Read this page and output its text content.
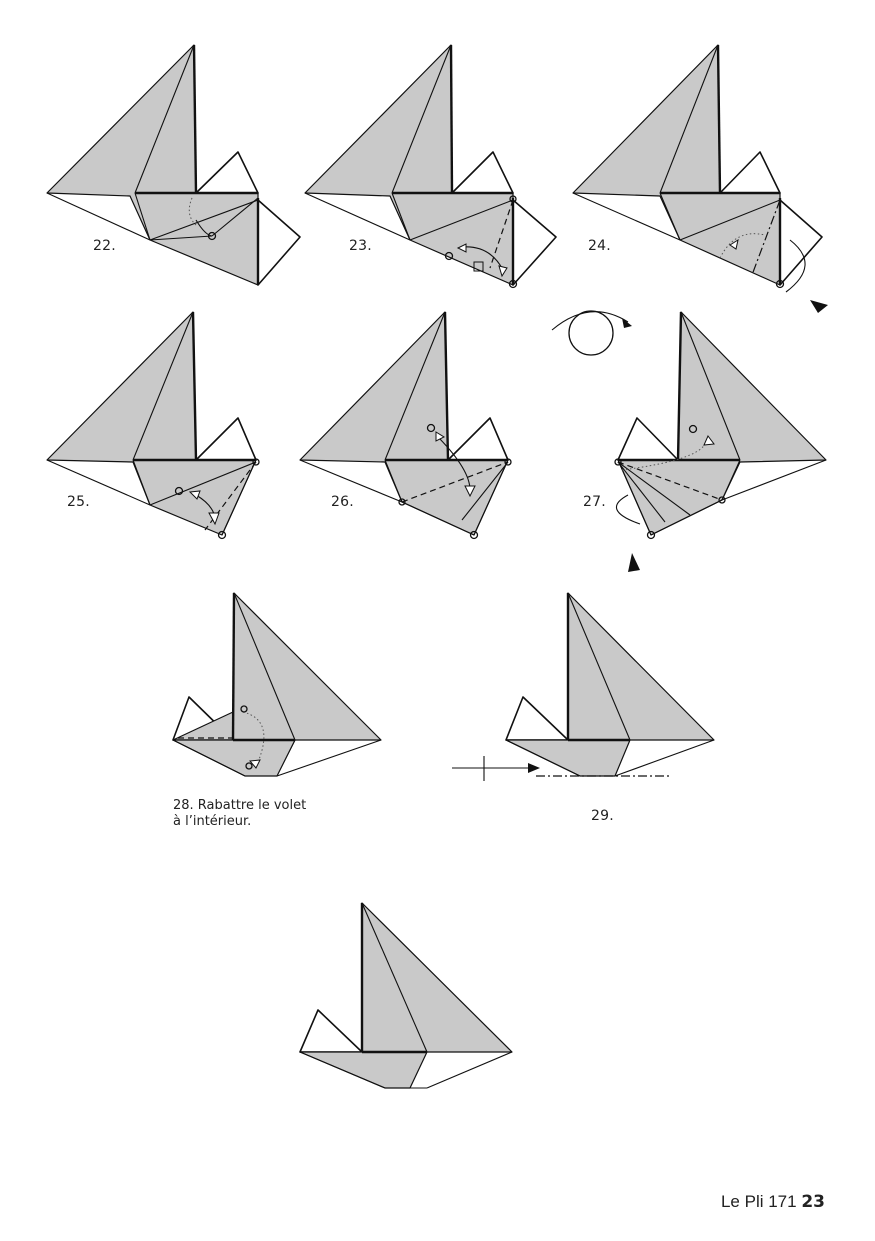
22.	23.	24.
25.	26.	27.
29.
28. Rabattre le volet
à l’intérieur.
Le Pli 171 23
